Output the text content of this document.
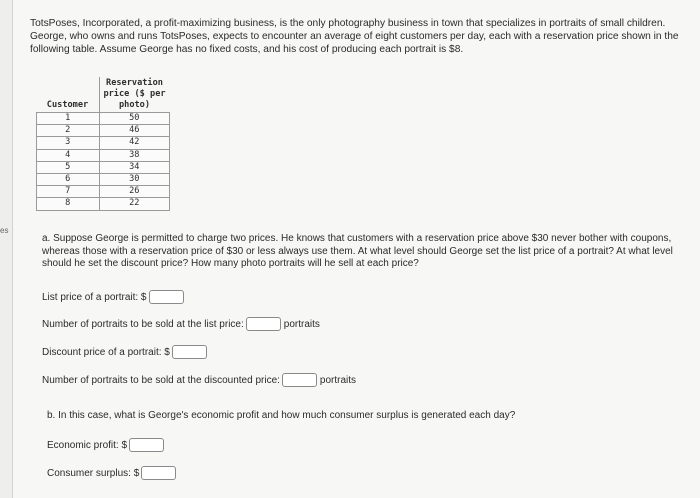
es

TotsPoses, Incorporated, a profit-maximizing business, is the only photography business in town that specializes in portraits of small children. George, who owns and runs TotsPoses, expects to encounter an average of eight customers per day, each with a reservation price shown in the following table. Assume George has no fixed costs, and his cost of producing each portrait is $8.

Customer	Reservation
price ($ per
photo)
1	50
2	46
3	42
4	38
5	34
6	30
7	26
8	22

a. Suppose George is permitted to charge two prices. He knows that customers with a reservation price above $30 never bother with coupons, whereas those with a reservation price of $30 or less always use them. At what level should George set the list price of a portrait? At what level should he set the discount price? How many photo portraits will he sell at each price?

List price of a portrait: $
Number of portraits to be sold at the list price:	portraits
Discount price of a portrait: $
Number of portraits to be sold at the discounted price:	portraits
b. In this case, what is George's economic profit and how much consumer surplus is generated each day?
Economic profit: $
Consumer surplus: $
